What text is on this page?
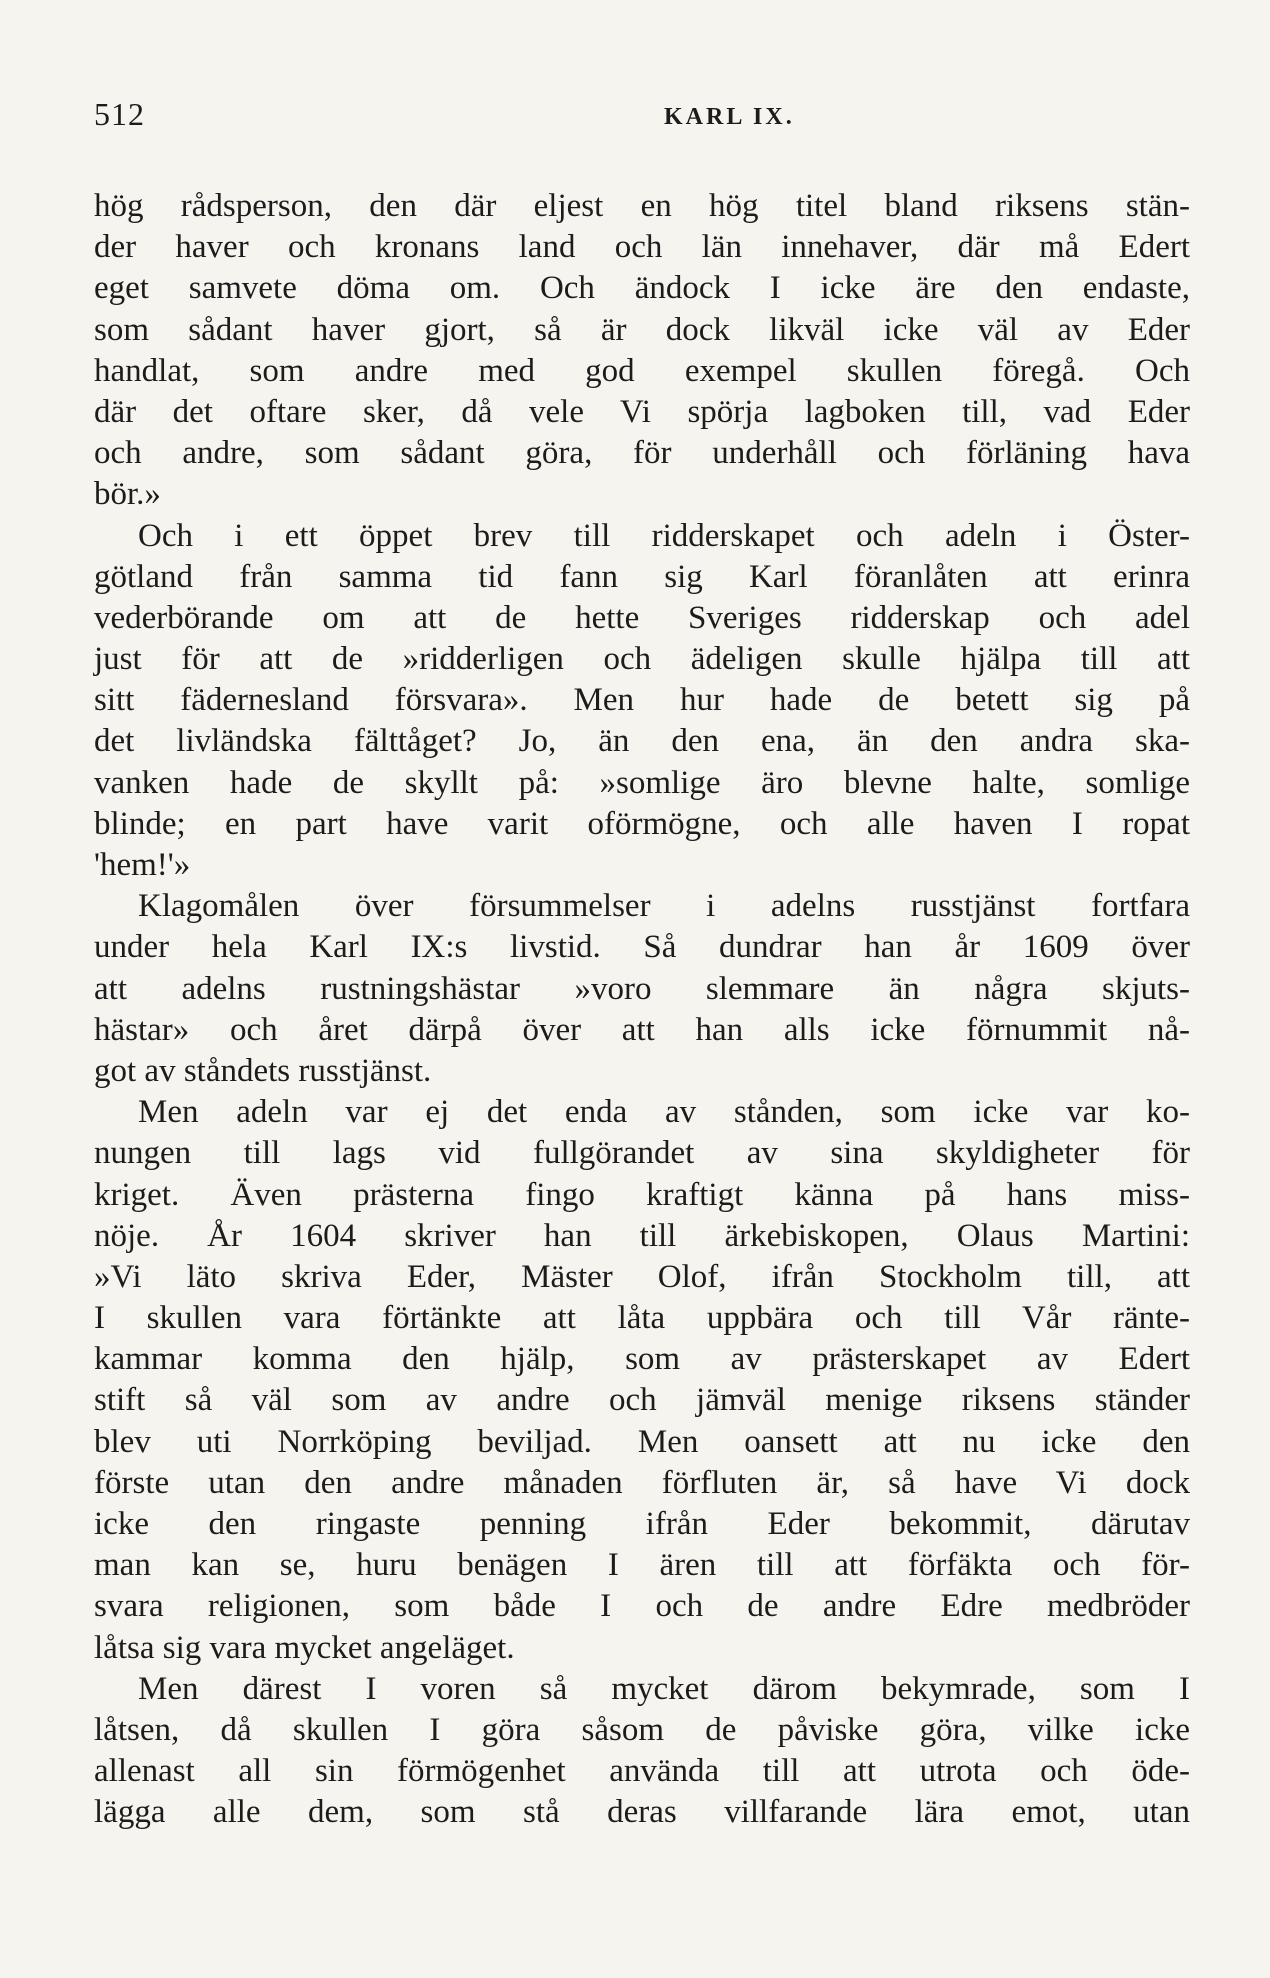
512	KARL IX.
hög rådsperson, den där eljest en hög titel bland riksens stän-
der haver och kronans land och län innehaver, där må Edert
eget samvete döma om. Och ändock I icke äre den endaste,
som sådant haver gjort, så är dock likväl icke väl av Eder
handlat, som andre med god exempel skullen föregå. Och
där det oftare sker, då vele Vi spörja lagboken till, vad Eder
och andre, som sådant göra, för underhåll och förläning hava
bör.»
Och i ett öppet brev till ridderskapet och adeln i Öster-
götland från samma tid fann sig Karl föranlåten att erinra
vederbörande om att de hette Sveriges ridderskap och adel
just för att de »ridderligen och ädeligen skulle hjälpa till att
sitt fädernesland försvara». Men hur hade de betett sig på
det livländska fälttåget? Jo, än den ena, än den andra ska-
vanken hade de skyllt på: »somlige äro blevne halte, somlige
blinde; en part have varit oförmögne, och alle haven I ropat
'hem!'»
Klagomålen över försummelser i adelns russtjänst fortfara
under hela Karl IX:s livstid. Så dundrar han år 1609 över
att adelns rustningshästar »voro slemmare än några skjuts-
hästar» och året därpå över att han alls icke förnummit nå-
got av ståndets russtjänst.
Men adeln var ej det enda av stånden, som icke var ko-
nungen till lags vid fullgörandet av sina skyldigheter för
kriget. Även prästerna fingo kraftigt känna på hans miss-
nöje. År 1604 skriver han till ärkebiskopen, Olaus Martini:
»Vi läto skriva Eder, Mäster Olof, ifrån Stockholm till, att
I skullen vara förtänkte att låta uppbära och till Vår ränte-
kammar komma den hjälp, som av prästerskapet av Edert
stift så väl som av andre och jämväl menige riksens ständer
blev uti Norrköping beviljad. Men oansett att nu icke den
förste utan den andre månaden förfluten är, så have Vi dock
icke den ringaste penning ifrån Eder bekommit, därutav
man kan se, huru benägen I ären till att förfäkta och för-
svara religionen, som både I och de andre Edre medbröder
låtsa sig vara mycket angeläget.
Men därest I voren så mycket därom bekymrade, som I
låtsen, då skullen I göra såsom de påviske göra, vilke icke
allenast all sin förmögenhet använda till att utrota och öde-
lägga alle dem, som stå deras villfarande lära emot, utan
